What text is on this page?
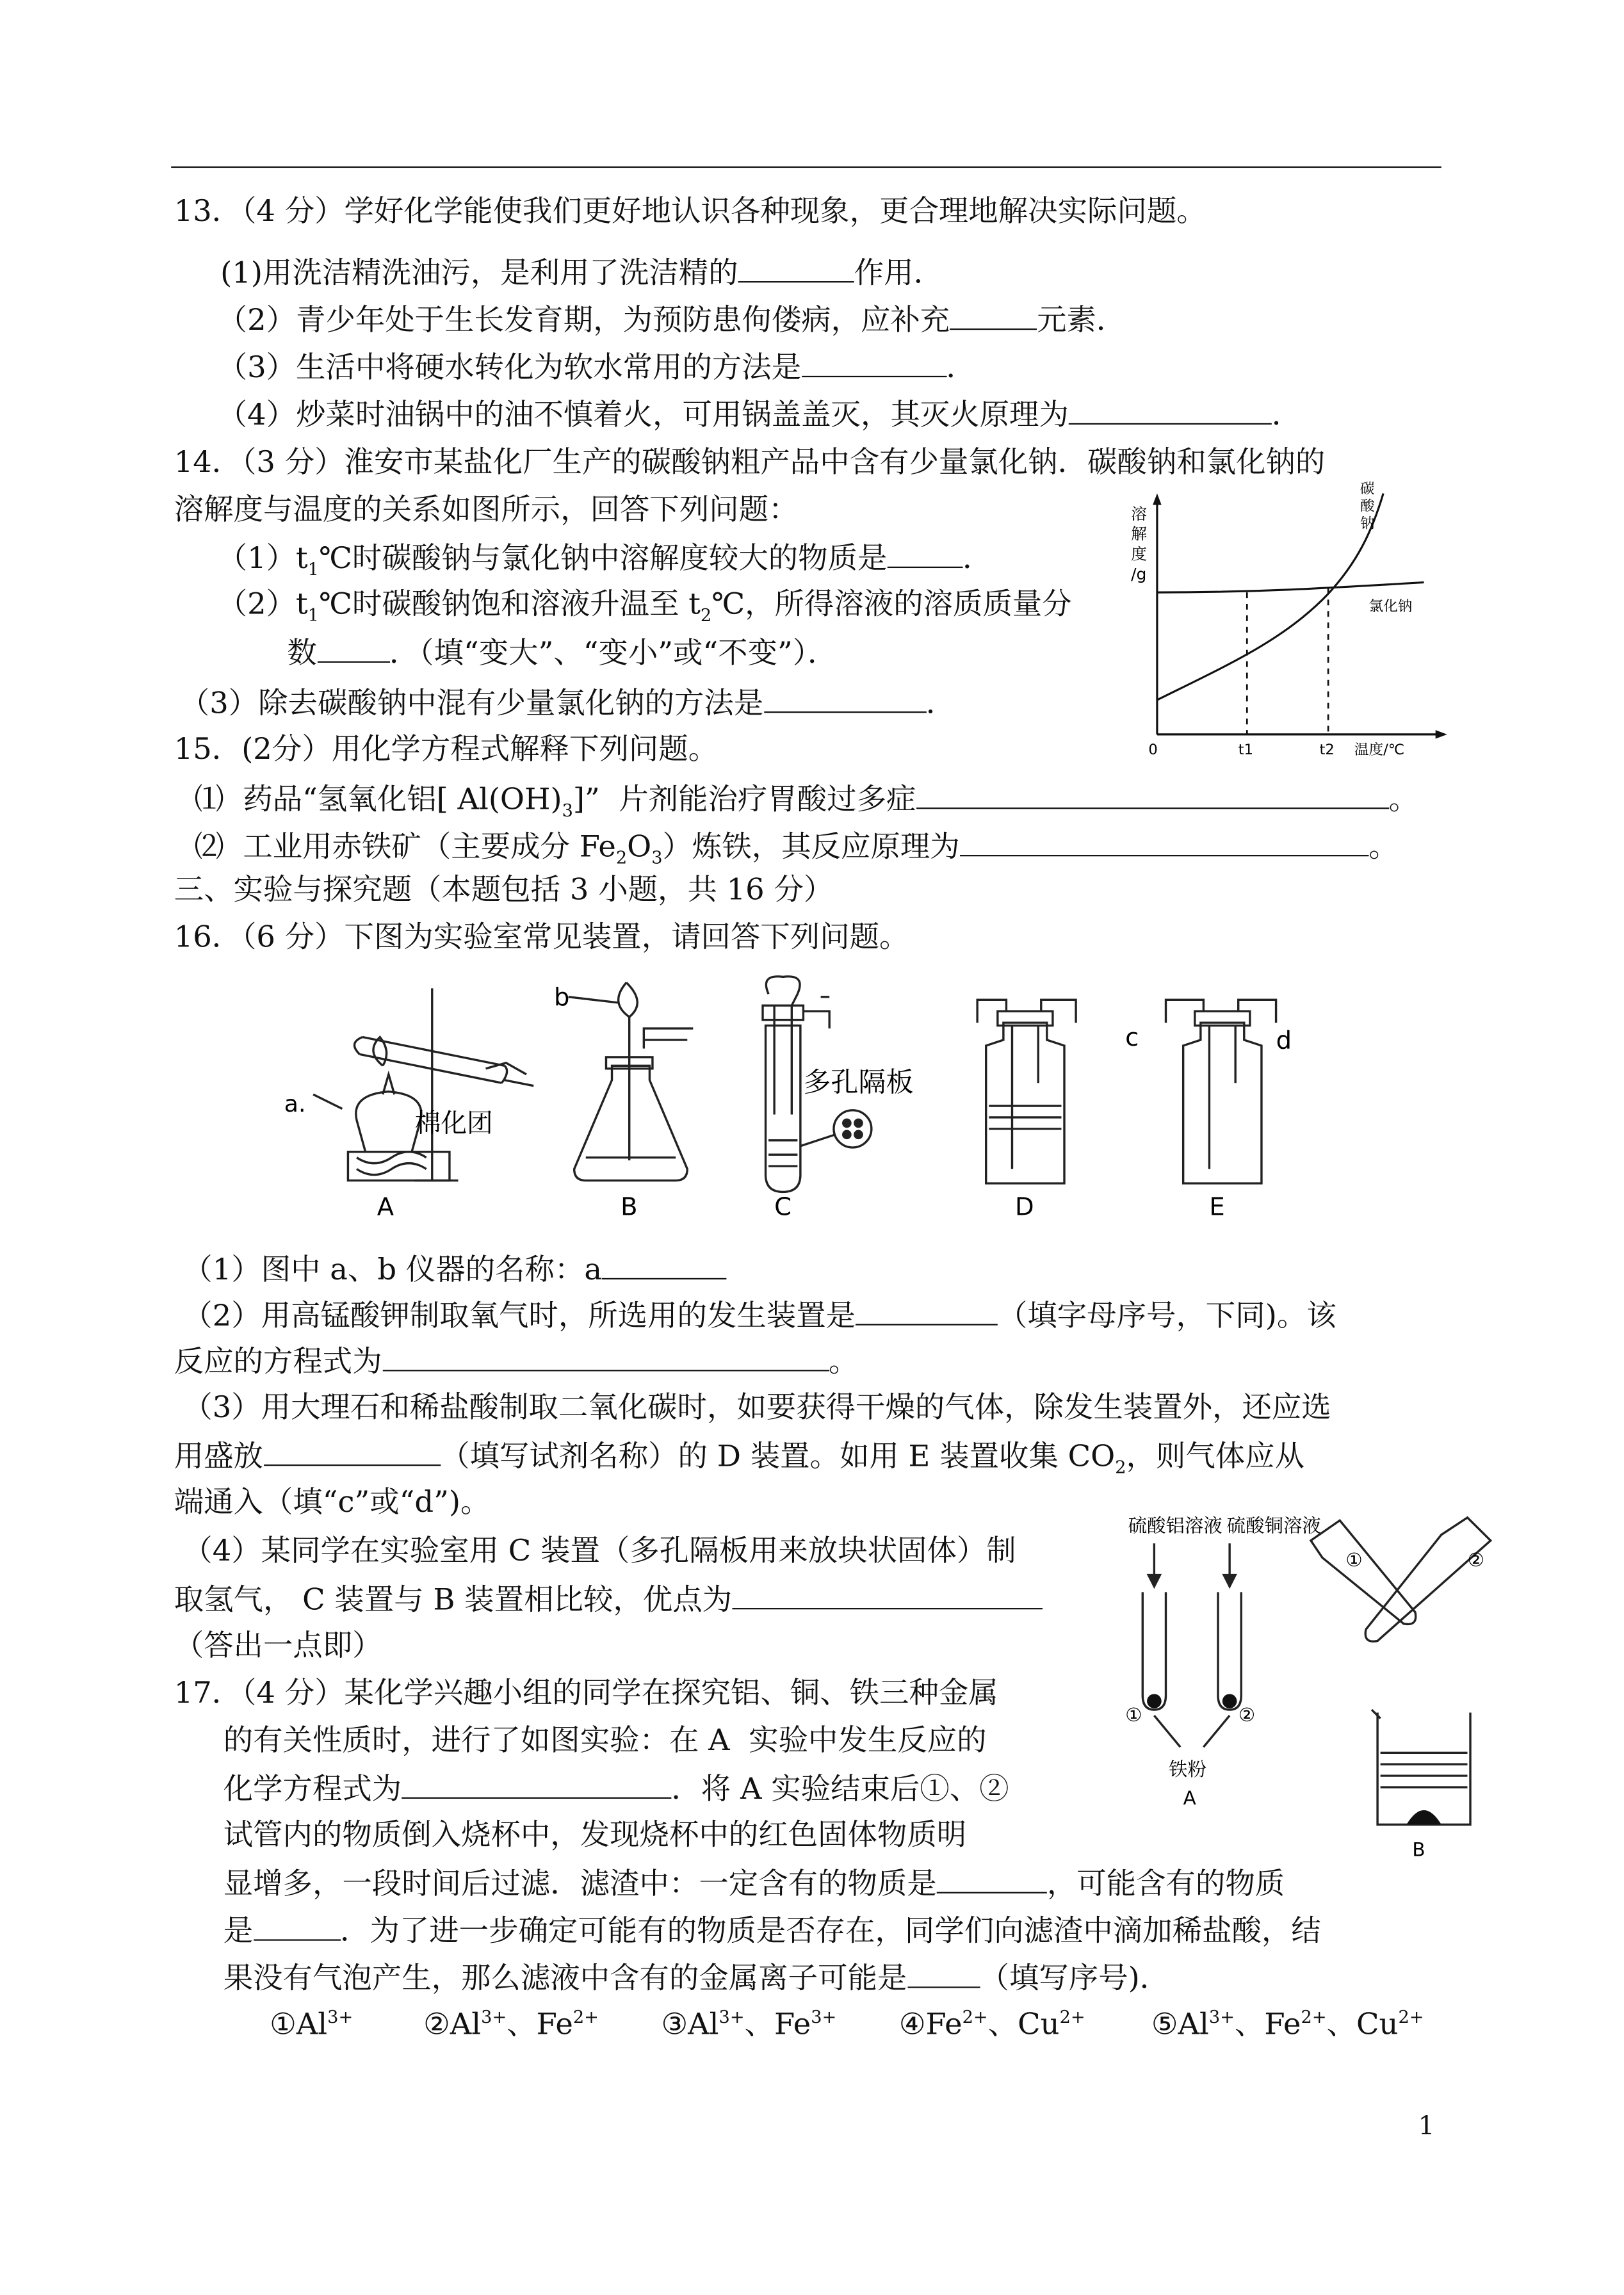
13．（4 分）学好化学能使我们更好地认识各种现象，更合理地解决实际问题。
(1)用洗洁精洗油污，是利用了洗洁精的	作用．
（2）青少年处于生长发育期，为预防患佝偻病，应补充	元素．
（3）生活中将硬水转化为软水常用的方法是	．
（4）炒菜时油锅中的油不慎着火，可用锅盖盖灭，其灭火原理为	．
14．（3 分）淮安市某盐化厂生产的碳酸钠粗产品中含有少量氯化钠．碳酸钠和氯化钠的
溶解度与温度的关系如图所示，回答下列问题：
$(1)t_1℃$时碳酸钠与氯化钠中溶解度较大的物质是	．
$(2)t_1℃$时碳酸钠饱和溶液升温至 $t_2℃$，所得溶液的溶质质量分
数	．（填“变大”、“变小”或“不变”）．
（3）除去碳酸钠中混有少量氯化钠的方法是	．
溶
解
度
/g
碳
酸
钠
氯化钠
0	t1	t2	温度/℃
15．(2分）用化学方程式解释下列问题。
⑴  药品“氢氧化铝[ $Al(OH)_3$]”  片剂能治疗胃酸过多症	。
⑵  工业用赤铁矿（主要成分 $Fe_2O_3$）炼铁，其反应原理为	。
三、实验与探究题（本题包括 3 小题，共 16 分）
16．（6 分）下图为实验室常见装置，请回答下列问题。
a.
b
棉化团
多孔隔板
c	d
A	B	C	D	E
（1）图中 a、b 仪器的名称：a
（2）用高锰酸钾制取氧气时，所选用的发生装置是	（填字母序号，下同)。该
反应的方程式为	。
（3）用大理石和稀盐酸制取二氧化碳时，如要获得干燥的气体，除发生装置外，还应选
用盛放	（填写试剂名称）的 D 装置。如用 E 装置收集 $CO_2$，则气体应从
端通入（填“c”或“d”)。
（4）某同学在实验室用 C 装置（多孔隔板用来放块状固体）制
取氢气， C 装置与 B 装置相比较，优点为
（答出一点即）
硫酸铝溶液 硫酸铜溶液
①	②
①	②
铁粉
A
B
17．（4 分）某化学兴趣小组的同学在探究铝、铜、铁三种金属
的有关性质时，进行了如图实验：在 A  实验中发生反应的
化学方程式为	．将 A 实验结束后①、②
试管内的物质倒入烧杯中，发现烧杯中的红色固体物质明
显增多，一段时间后过滤．滤渣中：一定含有的物质是	，可能含有的物质
是	．为了进一步确定可能有的物质是否存在，同学们向滤渣中滴加稀盐酸，结
果没有气泡产生，那么滤液中含有的金属离子可能是	（填写序号)．
$①Al^{3+}$	$②Al^{3+}$、$Fe^{2+}$	$③Al^{3+}$、$Fe^{3+}$	$④Fe^{2+}$、$Cu^{2+}$	$⑤Al^{3+}$、$Fe^{2+}$、$Cu^{2+}$
1
